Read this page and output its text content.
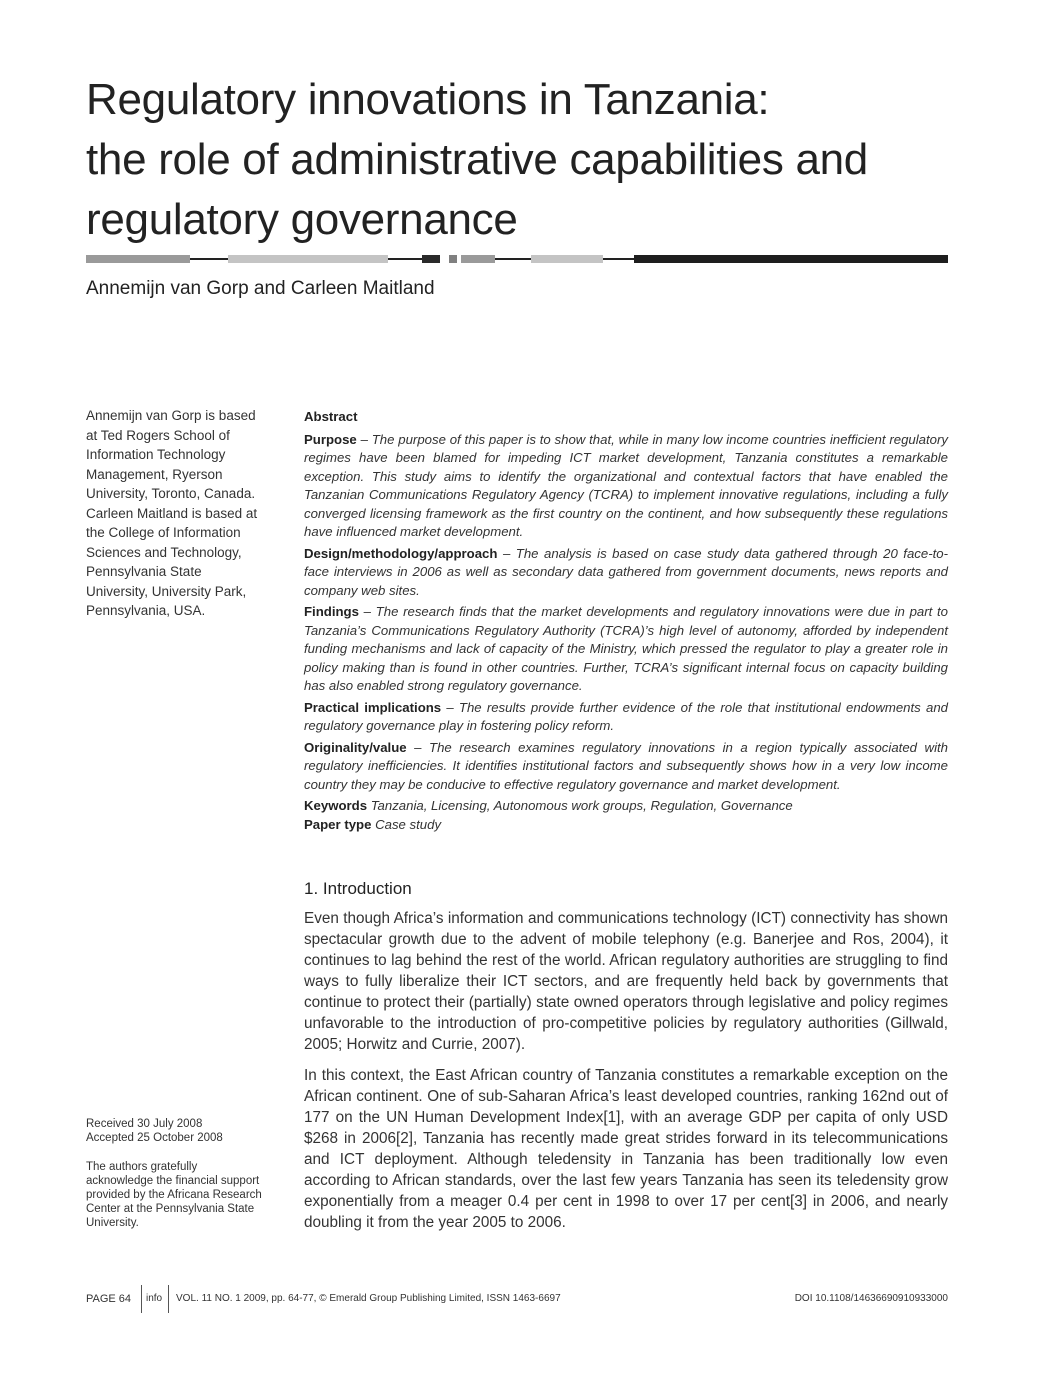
Regulatory innovations in Tanzania:
the role of administrative capabilities and
regulatory governance

Annemijn van Gorp and Carleen Maitland

Annemijn van Gorp is based at Ted Rogers School of Information Technology Management, Ryerson University, Toronto, Canada. Carleen Maitland is based at the College of Information Sciences and Technology, Pennsylvania State University, University Park, Pennsylvania, USA.
Received 30 July 2008
Accepted 25 October 2008
The authors gratefully acknowledge the financial support provided by the Africana Research Center at the Pennsylvania State University.

Abstract

Purpose – The purpose of this paper is to show that, while in many low income countries inefficient regulatory regimes have been blamed for impeding ICT market development, Tanzania constitutes a remarkable exception. This study aims to identify the organizational and contextual factors that have enabled the Tanzanian Communications Regulatory Agency (TCRA) to implement innovative regulations, including a fully converged licensing framework as the first country on the continent, and how subsequently these regulations have influenced market development.

Design/methodology/approach – The analysis is based on case study data gathered through 20 face-to-face interviews in 2006 as well as secondary data gathered from government documents, news reports and company web sites.

Findings – The research finds that the market developments and regulatory innovations were due in part to Tanzania’s Communications Regulatory Authority (TCRA)’s high level of autonomy, afforded by independent funding mechanisms and lack of capacity of the Ministry, which pressed the regulator to play a greater role in policy making than is found in other countries. Further, TCRA’s significant internal focus on capacity building has also enabled strong regulatory governance.

Practical implications – The results provide further evidence of the role that institutional endowments and regulatory governance play in fostering policy reform.

Originality/value – The research examines regulatory innovations in a region typically associated with regulatory inefficiencies. It identifies institutional factors and subsequently shows how in a very low income country they may be conducive to effective regulatory governance and market development.

Keywords Tanzania, Licensing, Autonomous work groups, Regulation, Governance

Paper type Case study

1. Introduction

Even though Africa’s information and communications technology (ICT) connectivity has shown spectacular growth due to the advent of mobile telephony (e.g. Banerjee and Ros, 2004), it continues to lag behind the rest of the world. African regulatory authorities are struggling to find ways to fully liberalize their ICT sectors, and are frequently held back by governments that continue to protect their (partially) state owned operators through legislative and policy regimes unfavorable to the introduction of pro-competitive policies by regulatory authorities (Gillwald, 2005; Horwitz and Currie, 2007).

In this context, the East African country of Tanzania constitutes a remarkable exception on the African continent. One of sub-Saharan Africa’s least developed countries, ranking 162nd out of 177 on the UN Human Development Index[1], with an average GDP per capita of only USD $268 in 2006[2], Tanzania has recently made great strides forward in its telecommunications and ICT deployment. Although teledensity in Tanzania has been traditionally low even according to African standards, over the last few years Tanzania has seen its teledensity grow exponentially from a meager 0.4 per cent in 1998 to over 17 per cent[3] in 2006, and nearly doubling it from the year 2005 to 2006.

PAGE 64 info VOL. 11 NO. 1 2009, pp. 64-77, © Emerald Group Publishing Limited, ISSN 1463-6697	DOI 10.1108/14636690910933000
